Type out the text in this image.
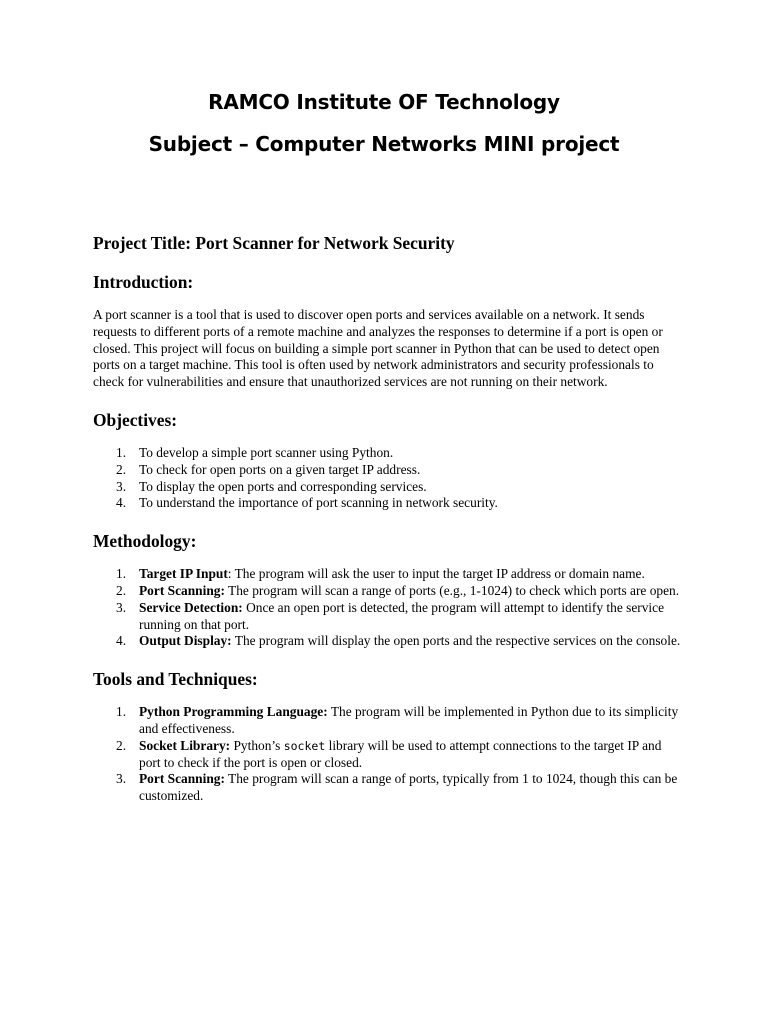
RAMCO Institute OF Technology
Subject – Computer Networks MINI project
Project Title: Port Scanner for Network Security
Introduction:

A port scanner is a tool that is used to discover open ports and services available on a network. It sends requests to different ports of a remote machine and analyzes the responses to determine if a port is open or closed. This project will focus on building a simple port scanner in Python that can be used to detect open ports on a target machine. This tool is often used by network administrators and security professionals to check for vulnerabilities and ensure that unauthorized services are not running on their network.

Objectives:
1. To develop a simple port scanner using Python.
2. To check for open ports on a given target IP address.
3. To display the open ports and corresponding services.
4. To understand the importance of port scanning in network security.
Methodology:
1. Target IP Input: The program will ask the user to input the target IP address or domain name.
2. Port Scanning: The program will scan a range of ports (e.g., 1-1024) to check which ports are open.
3. Service Detection: Once an open port is detected, the program will attempt to identify the service running on that port.
4. Output Display: The program will display the open ports and the respective services on the console.
Tools and Techniques:
1. Python Programming Language: The program will be implemented in Python due to its simplicity and effectiveness.
2. Socket Library: Python’s socket library will be used to attempt connections to the target IP and port to check if the port is open or closed.
3. Port Scanning: The program will scan a range of ports, typically from 1 to 1024, though this can be customized.
